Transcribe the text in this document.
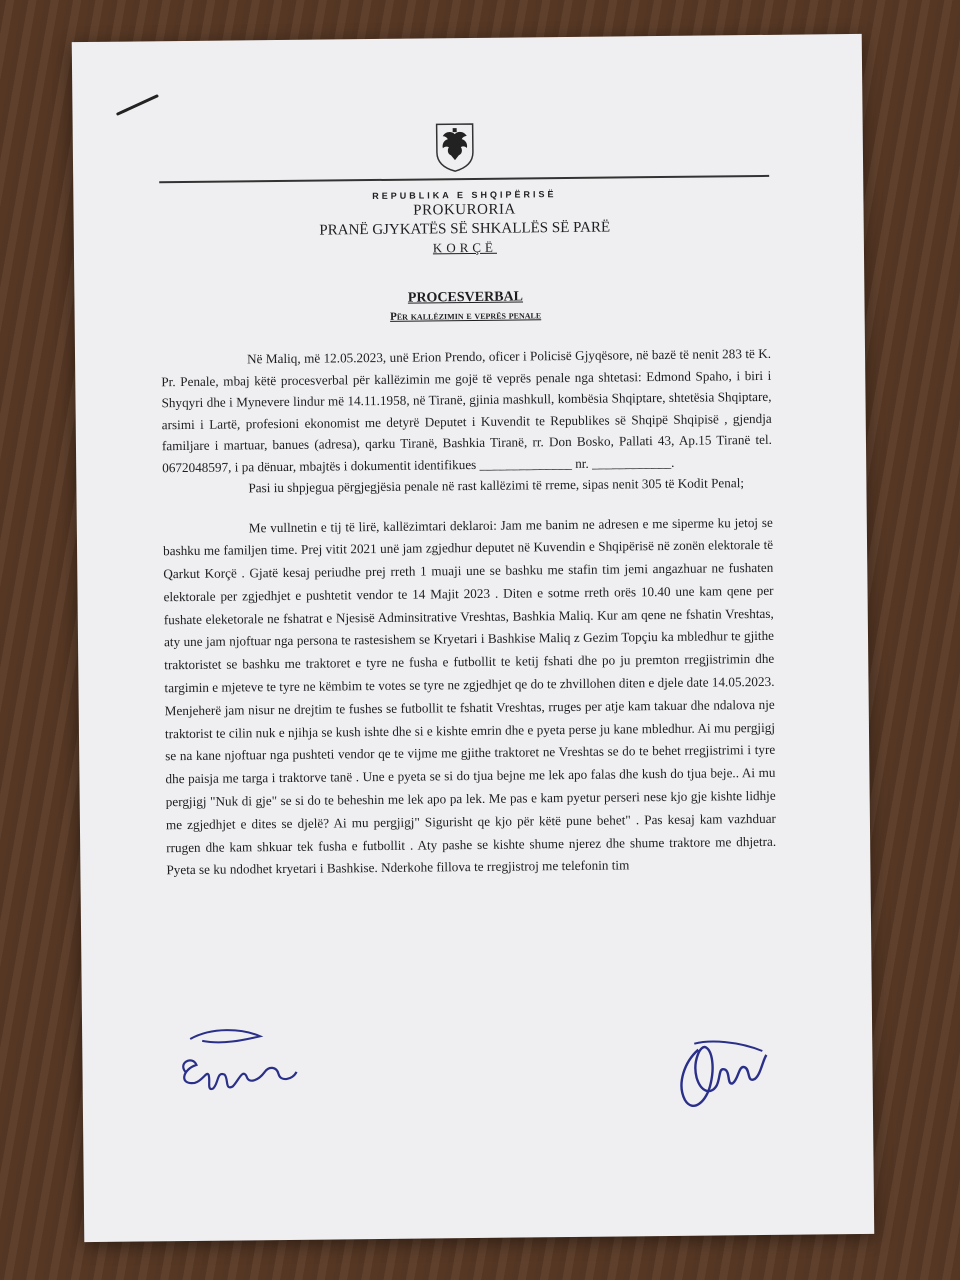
REPUBLIKA E SHQIPËRISË
PROKURORIA
PRANË GJYKATËS SË SHKALLËS SË PARË
KORÇË
PROCESVERBAL
Për kallëzimin e veprës penale

Në Maliq, më 12.05.2023, unë Erion Prendo, oficer i Policisë Gjyqësore, në bazë të nenit 283 të K. Pr. Penale, mbaj këtë procesverbal për kallëzimin me gojë të veprës penale nga shtetasi: Edmond Spaho, i biri i Shyqyri dhe i Mynevere lindur më 14.11.1958, në Tiranë, gjinia mashkull, kombësia Shqiptare, shtetësia Shqiptare, arsimi i Lartë, profesioni ekonomist me detyrë Deputet i Kuvendit te Republikes së Shqipë Shqipisë , gjendja familjare i martuar, banues (adresa), qarku Tiranë, Bashkia Tiranë, rr. Don Bosko, Pallati 43, Ap.15 Tiranë tel. 0672048597, i pa dënuar, mbajtës i dokumentit identifikues ______________ nr. ____________.

Pasi iu shpjegua përgjegjësia penale në rast kallëzimi të rreme, sipas nenit 305 të Kodit Penal;

Me vullnetin e tij të lirë, kallëzimtari deklaroi: Jam me banim ne adresen e me siperme ku jetoj se bashku me familjen time. Prej vitit 2021 unë jam zgjedhur deputet në Kuvendin e Shqipërisë në zonën elektorale të Qarkut Korçë . Gjatë kesaj periudhe prej rreth 1 muaji une se bashku me stafin tim jemi angazhuar ne fushaten elektorale per zgjedhjet e pushtetit vendor te 14 Majit 2023 . Diten e sotme rreth orës 10.40 une kam qene per fushate eleketorale ne fshatrat e Njesisë Adminsitrative Vreshtas, Bashkia Maliq. Kur am qene ne fshatin Vreshtas, aty une jam njoftuar nga persona te rastesishem se Kryetari i Bashkise Maliq z Gezim Topçiu ka mbledhur te gjithe traktoristet se bashku me traktoret e tyre ne fusha e futbollit te ketij fshati dhe po ju premton rregjistrimin dhe targimin e mjeteve te tyre ne këmbim te votes se tyre ne zgjedhjet qe do te zhvillohen diten e djele date 14.05.2023. Menjeherë jam nisur ne drejtim te fushes se futbollit te fshatit Vreshtas, rruges per atje kam takuar dhe ndalova nje traktorist te cilin nuk e njihja se kush ishte dhe si e kishte emrin dhe e pyeta perse ju kane mbledhur. Ai mu pergjigj se na kane njoftuar nga pushteti vendor qe te vijme me gjithe traktoret ne Vreshtas se do te behet rregjistrimi i tyre dhe paisja me targa i traktorve tanë . Une e pyeta se si do tjua bejne me lek apo falas dhe kush do tjua beje.. Ai mu pergjigj "Nuk di gje" se si do te beheshin me lek apo pa lek. Me pas e kam pyetur perseri nese kjo gje kishte lidhje me zgjedhjet e dites se djelë? Ai mu pergjigj" Sigurisht qe kjo për këtë pune behet" . Pas kesaj kam vazhduar rrugen dhe kam shkuar tek fusha e futbollit . Aty pashe se kishte shume njerez dhe shume traktore me dhjetra. Pyeta se ku ndodhet kryetari i Bashkise. Nderkohe fillova te rregjistroj me telefonin tim
